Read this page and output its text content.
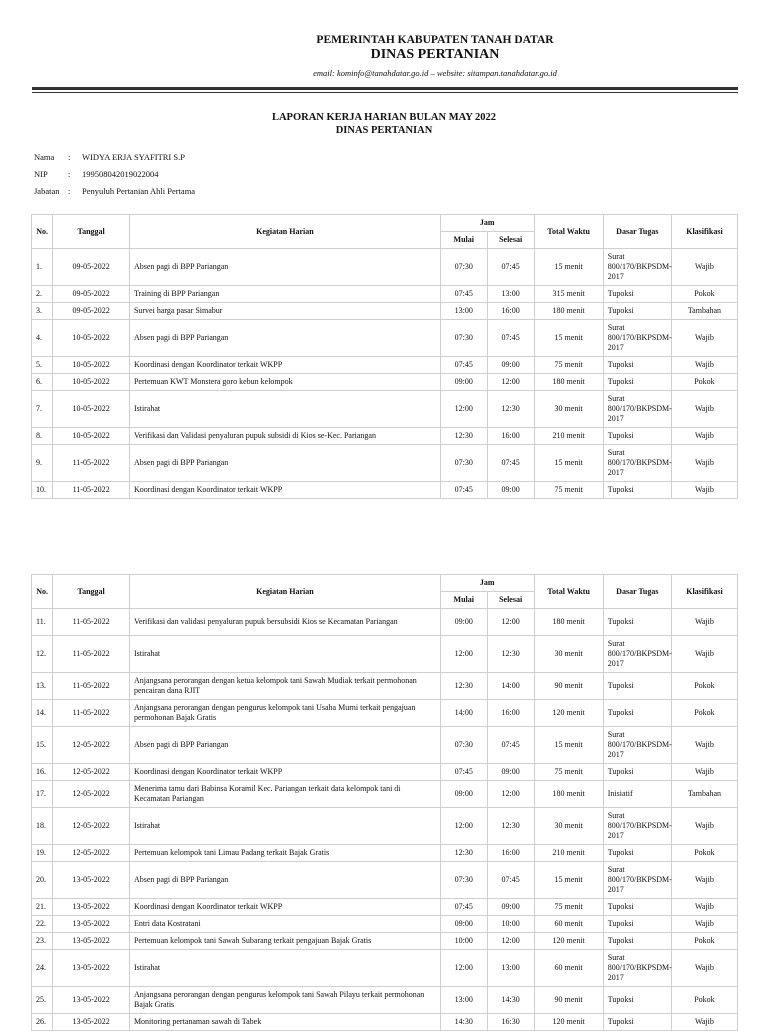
PEMERINTAH KABUPATEN TANAH DATAR
DINAS PERTANIAN
email: kominfo@tanahdatar.go.id – website: sitampan.tanahdatar.go.id
LAPORAN KERJA HARIAN BULAN MAY 2022
DINAS PERTANIAN
Nama	:	WIDYA ERJA SYAFITRI S.P
NIP	:	199508042019022004
Jabatan	:	Penyuluh Pertanian Ahli Pertama
No.	Tanggal	Kegiatan Harian	Jam		Total Waktu	Dasar Tugas	Klasifikasi
			Mulai	Selesai			
1.	09-05-2022	Absen pagi di BPP Pariangan	07:30	07:45	15 menit	Surat 800/170/BKPSDM-2017	Wajib
2.	09-05-2022	Training di BPP Pariangan	07:45	13:00	315 menit	Tupoksi	Pokok
3.	09-05-2022	Survei harga pasar Simabur	13:00	16:00	180 menit	Tupoksi	Tambahan
4.	10-05-2022	Absen pagi di BPP Pariangan	07:30	07:45	15 menit	Surat 800/170/BKPSDM-2017	Wajib
5.	10-05-2022	Koordinasi dengan Koordinator terkait WKPP	07:45	09:00	75 menit	Tupoksi	Wajib
6.	10-05-2022	Pertemuan KWT Monstera goro kebun kelompok	09:00	12:00	180 menit	Tupoksi	Pokok
7.	10-05-2022	Istirahat	12:00	12:30	30 menit	Surat 800/170/BKPSDM-2017	Wajib
8.	10-05-2022	Verifikasi dan Validasi penyaluran pupuk subsidi di Kios se-Kec. Pariangan	12:30	16:00	210 menit	Tupoksi	Wajib
9.	11-05-2022	Absen pagi di BPP Pariangan	07:30	07:45	15 menit	Surat 800/170/BKPSDM-2017	Wajib
10.	11-05-2022	Koordinasi dengan Koordinator terkait WKPP	07:45	09:00	75 menit	Tupoksi	Wajib
No.	Tanggal	Kegiatan Harian	Jam		Total Waktu	Dasar Tugas	Klasifikasi
			Mulai	Selesai			
11.	11-05-2022	Verifikasi dan validasi penyaluran pupuk bersubsidi Kios se Kecamatan Pariangan	09:00	12:00	180 menit	Tupoksi	Wajib
12.	11-05-2022	Istirahat	12:00	12:30	30 menit	Surat 800/170/BKPSDM-2017	Wajib
13.	11-05-2022	Anjangsana perorangan dengan ketua kelompok tani Sawah Mudiak terkait permohonan pencairan dana RJIT	12:30	14:00	90 menit	Tupoksi	Pokok
14.	11-05-2022	Anjangsana perorangan dengan pengurus kelompok tani Usaha Murni terkait pengajuan permohonan Bajak Gratis	14:00	16:00	120 menit	Tupoksi	Pokok
15.	12-05-2022	Absen pagi di BPP Pariangan	07:30	07:45	15 menit	Surat 800/170/BKPSDM-2017	Wajib
16.	12-05-2022	Koordinasi dengan Koordinator terkait WKPP	07:45	09:00	75 menit	Tupoksi	Wajib
17.	12-05-2022	Menerima tamu dari Babinsa Koramil Kec. Pariangan terkait data kelompok tani di Kecamatan Pariangan	09:00	12:00	180 menit	Inisiatif	Tambahan
18.	12-05-2022	Istirahat	12:00	12:30	30 menit	Surat 800/170/BKPSDM-2017	Wajib
19.	12-05-2022	Pertemuan kelompok tani Limau Padang terkait Bajak Gratis	12:30	16:00	210 menit	Tupoksi	Pokok
20.	13-05-2022	Absen pagi di BPP Pariangan	07:30	07:45	15 menit	Surat 800/170/BKPSDM-2017	Wajib
21.	13-05-2022	Koordinasi dengan Koordinator terkait WKPP	07:45	09:00	75 menit	Tupoksi	Wajib
22.	13-05-2022	Entri data Kostratani	09:00	10:00	60 menit	Tupoksi	Wajib
23.	13-05-2022	Pertemuan kelompok tani Sawah Subarang terkait pengajuan Bajak Gratis	10:00	12:00	120 menit	Tupoksi	Pokok
24.	13-05-2022	Istirahat	12:00	13:00	60 menit	Surat 800/170/BKPSDM-2017	Wajib
25.	13-05-2022	Anjangsana perorangan dengan pengurus kelompok tani Sawah Pilayu terkait permohonan Bajak Gratis	13:00	14:30	90 menit	Tupoksi	Pokok
26.	13-05-2022	Monitoring pertanaman sawah di Tabek	14:30	16:30	120 menit	Tupoksi	Wajib
